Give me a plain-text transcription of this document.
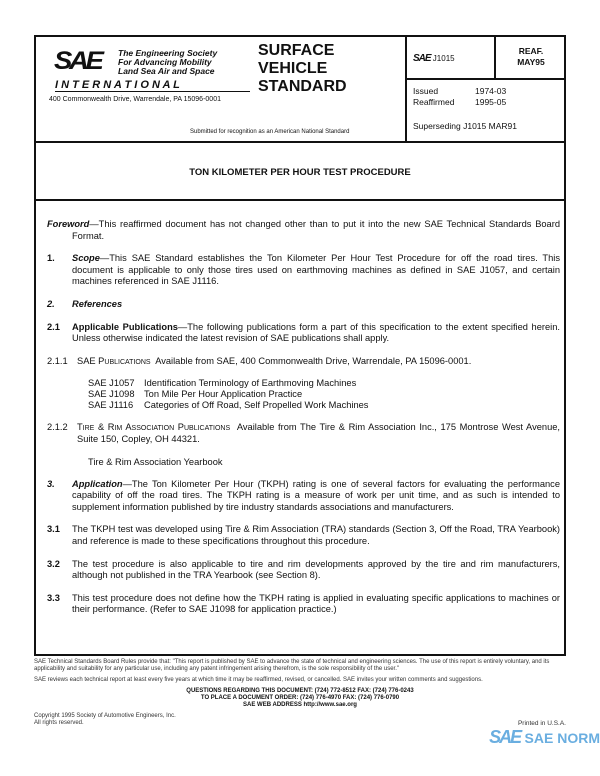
SAE The Engineering Society
For Advancing Mobility
Land Sea Air and Space
I N T E R N A T I O N A L
400 Commonwealth Drive, Warrendale, PA 15096-0001
SURFACE
VEHICLE
STANDARD
Submitted for recognition as an American National Standard
SAE J1015
REAF.
MAY95
Issued	1974-03
Reaffirmed 1995-05
Superseding J1015 MAR91
TON KILOMETER PER HOUR TEST PROCEDURE
Foreword—This reaffirmed document has not changed other than to put it into the new SAE Technical Standards Board Format.
1. Scope—This SAE Standard establishes the Ton Kilometer Per Hour Test Procedure for off the road tires. This document is applicable to only those tires used on earthmoving machines as defined in SAE J1057, and certain machines referenced in SAE J1116.
2. References
2.1 Applicable Publications—The following publications form a part of this specification to the extent specified herein. Unless otherwise indicated the latest revision of SAE publications shall apply.
2.1.1 SAE Publications Available from SAE, 400 Commonwealth Drive, Warrendale, PA 15096-0001.
SAE J1057 Identification Terminology of Earthmoving Machines
SAE J1098 Ton Mile Per Hour Application Practice
SAE J1116 Categories of Off Road, Self Propelled Work Machines
2.1.2 Tire & Rim Association Publications Available from The Tire & Rim Association Inc., 175 Montrose West Avenue, Suite 150, Copley, OH 44321.
Tire & Rim Association Yearbook
3. Application—The Ton Kilometer Per Hour (TKPH) rating is one of several factors for evaluating the performance capability of off the road tires. The TKPH rating is a measure of work per unit time, and as such is intended to supplement information published by tire industry standards associations and manufacturers.
3.1 The TKPH test was developed using Tire & Rim Association (TRA) standards (Section 3, Off the Road, TRA Yearbook) and reference is made to these specifications throughout this procedure.
3.2 The test procedure is also applicable to tire and rim developments approved by the tire and rim manufacturers, although not published in the TRA Yearbook (see Section 8).
3.3 This test procedure does not define how the TKPH rating is applied in evaluating specific applications to machines or their performance. (Refer to SAE J1098 for application practice.)
SAE Technical Standards Board Rules provide that: "This report is published by SAE to advance the state of technical and engineering sciences. The use of this report is entirely voluntary, and its applicability and suitability for any particular use, including any patent infringement arising therefrom, is the sole responsibility of the user."
SAE reviews each technical report at least every five years at which time it may be reaffirmed, revised, or cancelled. SAE invites your written comments and suggestions.
QUESTIONS REGARDING THIS DOCUMENT: (724) 772-8512 FAX: (724) 776-0243
TO PLACE A DOCUMENT ORDER: (724) 776-4970 FAX: (724) 776-0790
SAE WEB ADDRESS http://www.sae.org
Copyright 1995 Society of Automotive Engineers, Inc.
All rights reserved.	Printed in U.S.A.
SAE SAE NORM
